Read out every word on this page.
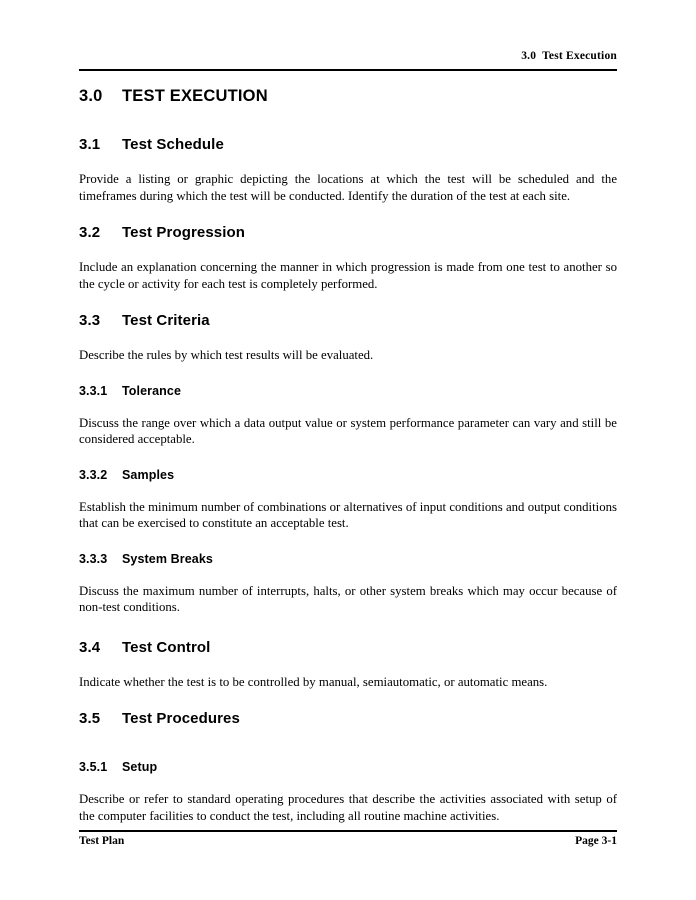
3.0  Test Execution
3.0	TEST EXECUTION
3.1	Test Schedule

Provide a listing or graphic depicting the locations at which the test will be scheduled and the timeframes during which the test will be conducted. Identify the duration of the test at each site.

3.2	Test Progression

Include an explanation concerning the manner in which progression is made from one test to another so the cycle or activity for each test is completely performed.

3.3	Test Criteria

Describe the rules by which test results will be evaluated.

3.3.1	Tolerance

Discuss the range over which a data output value or system performance parameter can vary and still be considered acceptable.

3.3.2	Samples

Establish the minimum number of combinations or alternatives of input conditions and output conditions that can be exercised to constitute an acceptable test.

3.3.3	System Breaks

Discuss the maximum number of interrupts, halts, or other system breaks which may occur because of non-test conditions.

3.4	Test Control

Indicate whether the test is to be controlled by manual, semiautomatic, or automatic means.

3.5	Test Procedures
3.5.1	Setup

Describe or refer to standard operating procedures that describe the activities associated with setup of the computer facilities to conduct the test, including all routine machine activities.

Test Plan	Page 3-1
